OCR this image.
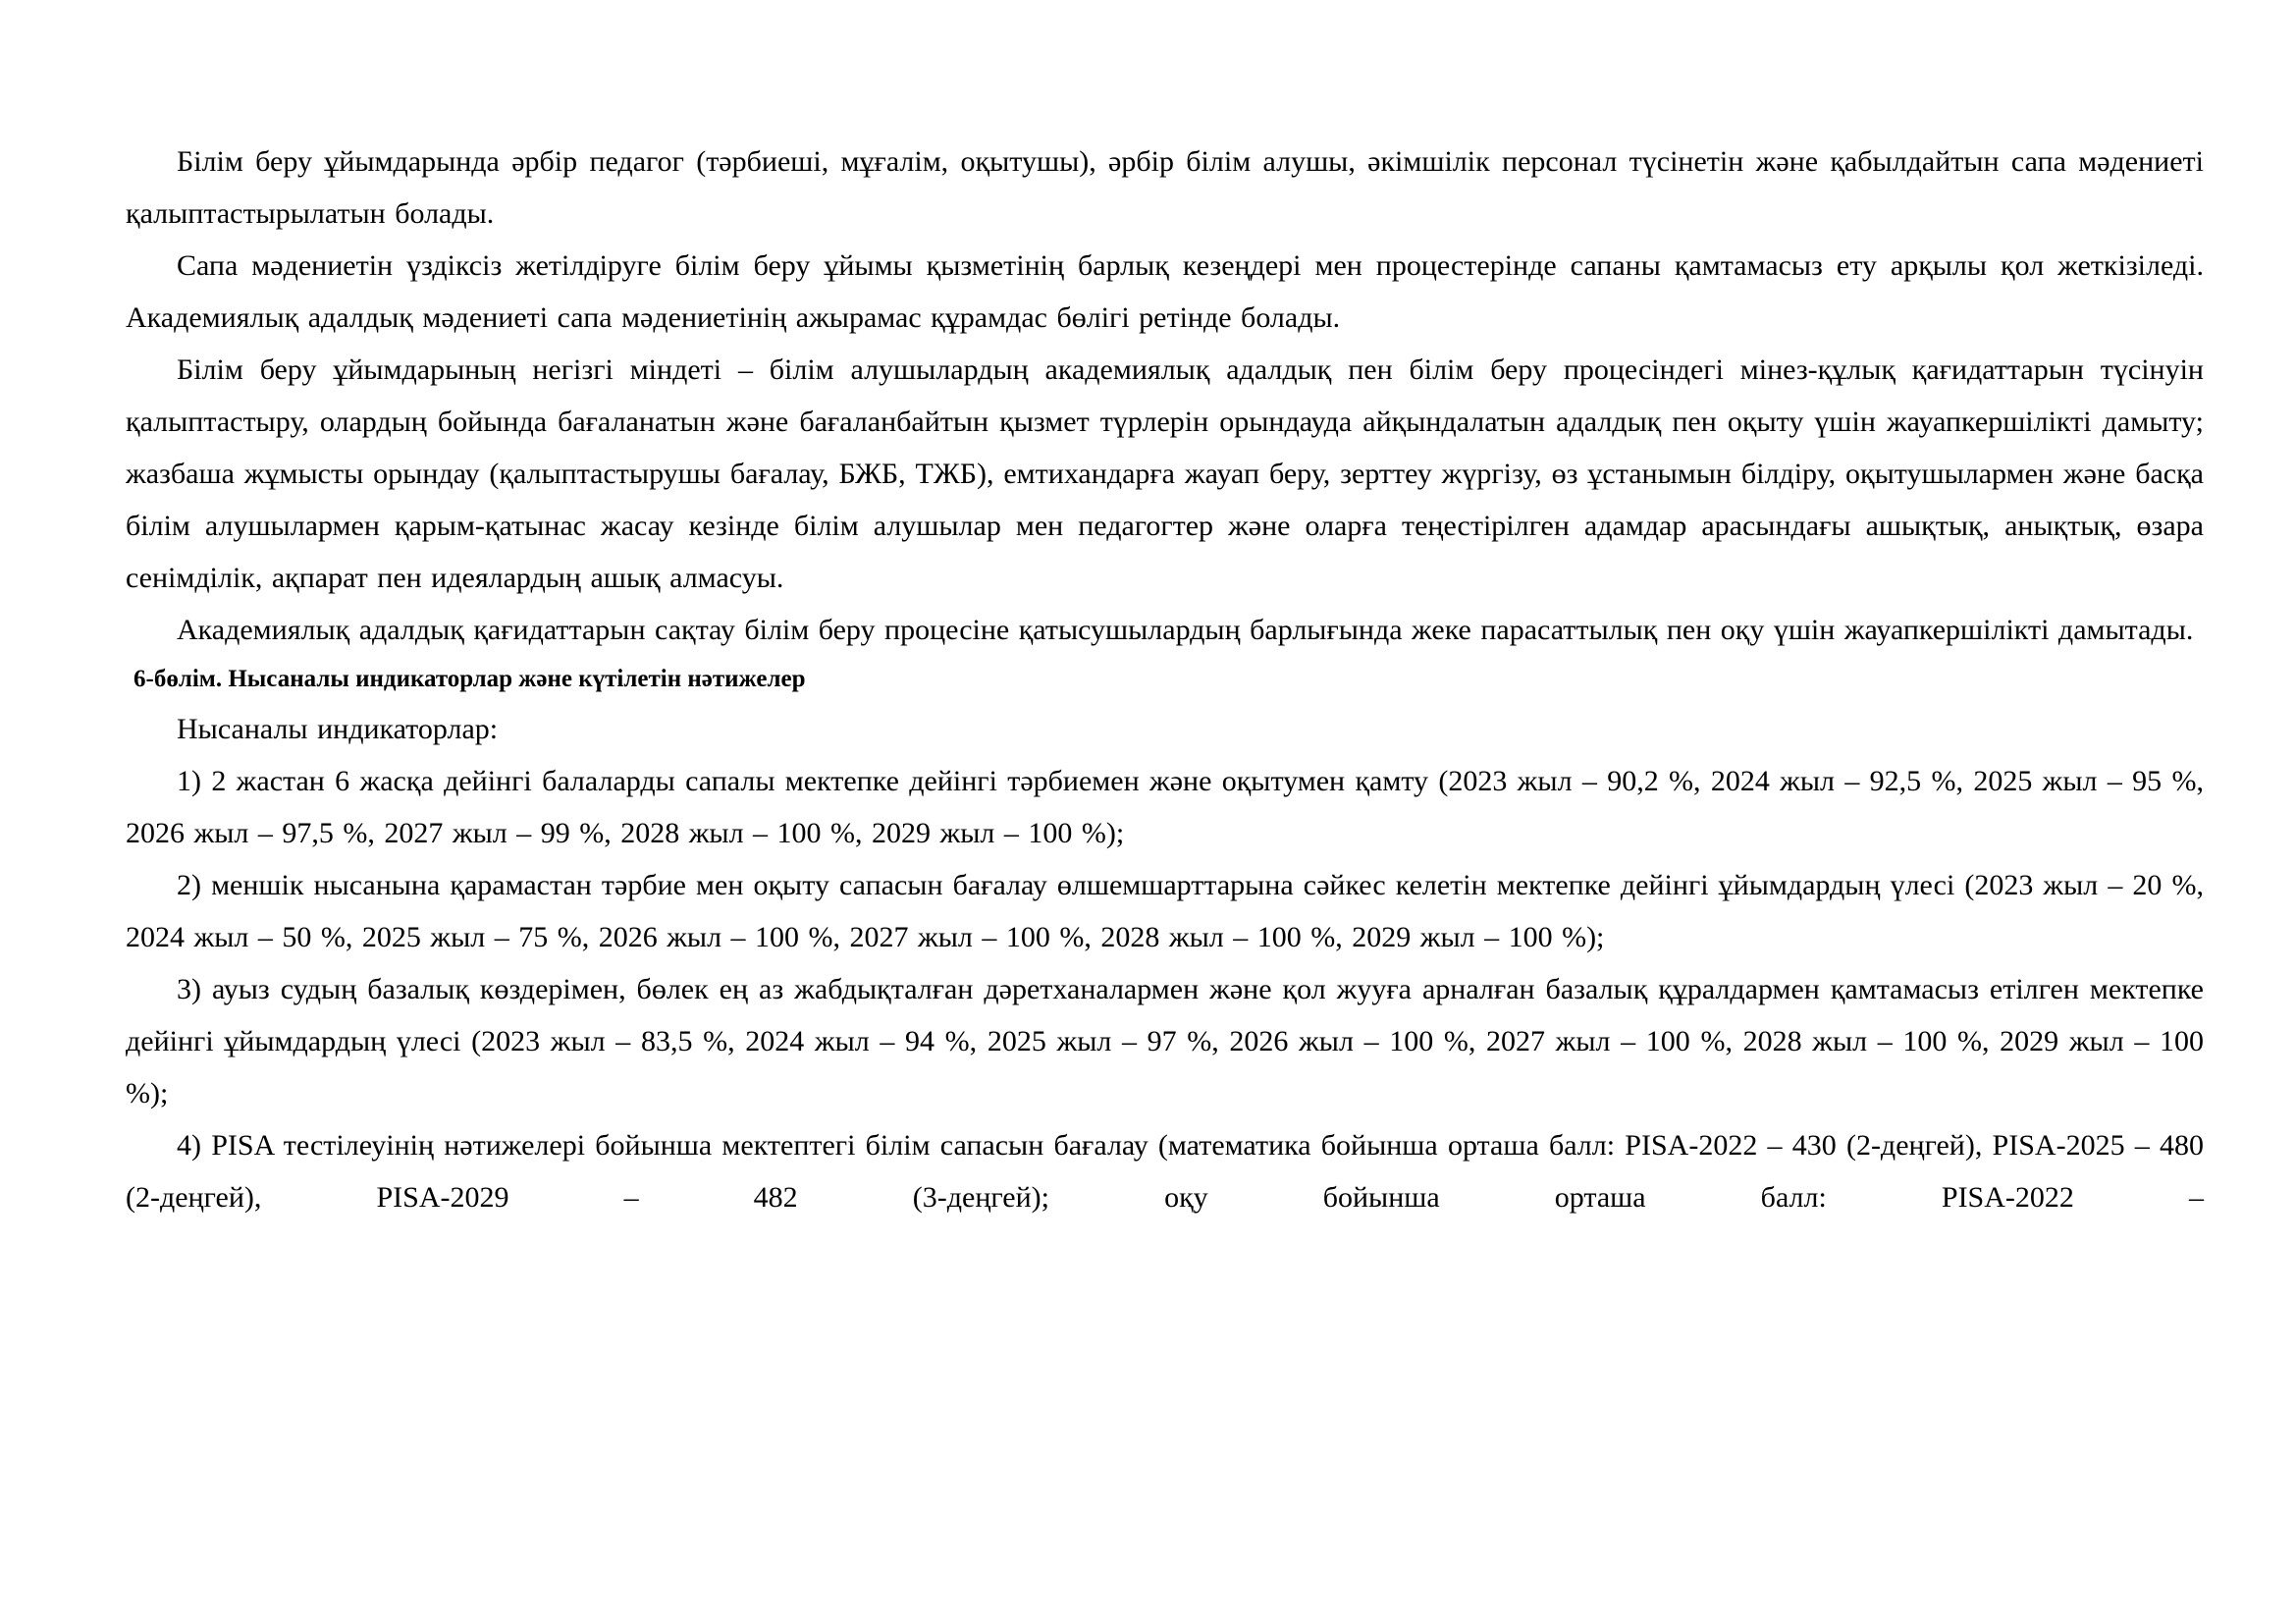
Білім беру ұйымдарында әрбір педагог (тәрбиеші, мұғалім, оқытушы), әрбір білім алушы, әкімшілік персонал түсінетін және қабылдайтын сапа мәдениеті қалыптастырылатын болады.

Сапа мәдениетін үздіксіз жетілдіруге білім беру ұйымы қызметінің барлық кезеңдері мен процестерінде сапаны қамтамасыз ету арқылы қол жеткізіледі. Академиялық адалдық мәдениеті сапа мәдениетінің ажырамас құрамдас бөлігі ретінде болады.

Білім беру ұйымдарының негізгі міндеті – білім алушылардың академиялық адалдық пен білім беру процесіндегі мінез-құлық қағидаттарын түсінуін қалыптастыру, олардың бойында бағаланатын және бағаланбайтын қызмет түрлерін орындауда айқындалатын адалдық пен оқыту үшін жауапкершілікті дамыту; жазбаша жұмысты орындау (қалыптастырушы бағалау, БЖБ, ТЖБ), емтихандарға жауап беру, зерттеу жүргізу, өз ұстанымын білдіру, оқытушылармен және басқа білім алушылармен қарым-қатынас жасау кезінде білім алушылар мен педагогтер және оларға теңестірілген адамдар арасындағы ашықтық, анықтық, өзара сенімділік, ақпарат пен идеялардың ашық алмасуы.

Академиялық адалдық қағидаттарын сақтау білім беру процесіне қатысушылардың барлығында жеке парасаттылық пен оқу үшін жауапкершілікті дамытады.

6-бөлім. Нысаналы индикаторлар және күтілетін нәтижелер

Нысаналы индикаторлар:

1) 2 жастан 6 жасқа дейінгі балаларды сапалы мектепке дейінгі тәрбиемен және оқытумен қамту (2023 жыл – 90,2 %, 2024 жыл – 92,5 %, 2025 жыл – 95 %, 2026 жыл – 97,5 %, 2027 жыл – 99 %, 2028 жыл – 100 %, 2029 жыл – 100 %);

2) меншік нысанына қарамастан тәрбие мен оқыту сапасын бағалау өлшемшарттарына сәйкес келетін мектепке дейінгі ұйымдардың үлесі (2023 жыл – 20 %, 2024 жыл – 50 %, 2025 жыл – 75 %, 2026 жыл – 100 %, 2027 жыл – 100 %, 2028 жыл – 100 %, 2029 жыл – 100 %);

3) ауыз судың базалық көздерімен, бөлек ең аз жабдықталған дәретханалармен және қол жууға арналған базалық құралдармен қамтамасыз етілген мектепке дейінгі ұйымдардың үлесі (2023 жыл – 83,5 %, 2024 жыл – 94 %, 2025 жыл – 97 %, 2026 жыл – 100 %, 2027 жыл – 100 %, 2028 жыл – 100 %, 2029 жыл – 100 %);

4) PISA тестілеуінің нәтижелері бойынша мектептегі білім сапасын бағалау (математика бойынша орташа балл: PISA-2022 – 430 (2-деңгей), PISA-2025 – 480 (2-деңгей), PISA-2029 – 482 (3-деңгей); оқу бойынша орташа балл: PISA-2022 –
